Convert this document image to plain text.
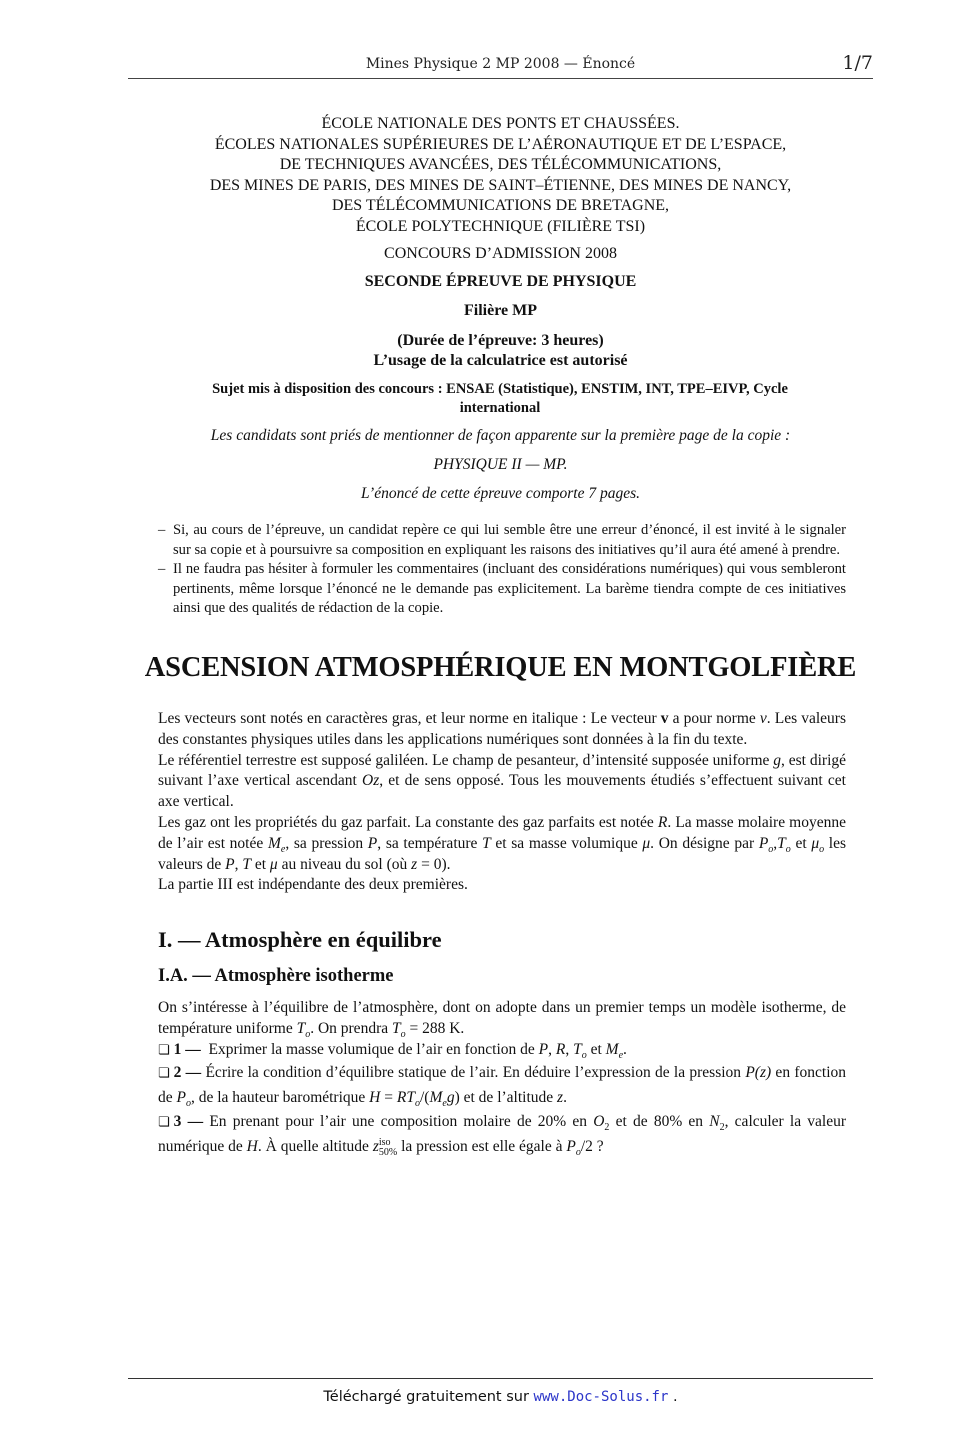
Mines Physique 2 MP 2008 — Énoncé	1/7
ÉCOLE NATIONALE DES PONTS ET CHAUSSÉES.
ÉCOLES NATIONALES SUPÉRIEURES DE L’AÉRONAUTIQUE ET DE L’ESPACE,
DE TECHNIQUES AVANCÉES, DES TÉLÉCOMMUNICATIONS,
DES MINES DE PARIS, DES MINES DE SAINT–ÉTIENNE, DES MINES DE NANCY,
DES TÉLÉCOMMUNICATIONS DE BRETAGNE,
ÉCOLE POLYTECHNIQUE (FILIÈRE TSI)
CONCOURS D’ADMISSION 2008
SECONDE ÉPREUVE DE PHYSIQUE
Filière MP
(Durée de l’épreuve: 3 heures)
L’usage de la calculatrice est autorisé
Sujet mis à disposition des concours : ENSAE (Statistique), ENSTIM, INT, TPE–EIVP, Cycle international
Les candidats sont priés de mentionner de façon apparente sur la première page de la copie :
PHYSIQUE II — MP.
L’énoncé de cette épreuve comporte 7 pages.
– Si, au cours de l’épreuve, un candidat repère ce qui lui semble être une erreur d’énoncé, il est invité à le signaler sur sa copie et à poursuivre sa composition en expliquant les raisons des initiatives qu’il aura été amené à prendre.
– Il ne faudra pas hésiter à formuler les commentaires (incluant des considérations numériques) qui vous sembleront pertinents, même lorsque l’énoncé ne le demande pas explicitement. La barème tiendra compte de ces initiatives ainsi que des qualités de rédaction de la copie.
ASCENSION ATMOSPHÉRIQUE EN MONTGOLFIÈRE

Les vecteurs sont notés en caractères gras, et leur norme en italique : Le vecteur v a pour norme v. Les valeurs des constantes physiques utiles dans les applications numériques sont données à la fin du texte.

Le référentiel terrestre est supposé galiléen. Le champ de pesanteur, d’intensité supposée uniforme g, est dirigé suivant l’axe vertical ascendant Oz, et de sens opposé. Tous les mouvements étudiés s’effectuent suivant cet axe vertical.

Les gaz ont les propriétés du gaz parfait. La constante des gaz parfaits est notée R. La masse molaire moyenne de l’air est notée $M_e$, sa pression P, sa température T et sa masse volumique μ. On désigne par $P_o,T_o$ et $\mu_o$ les valeurs de P, T et μ au niveau du sol (où z = 0).

La partie III est indépendante des deux premières.

I. — Atmosphère en équilibre
I.A. — Atmosphère isotherme

On s’intéresse à l’équilibre de l’atmosphère, dont on adopte dans un premier temps un modèle isotherme, de température uniforme $T_o$. On prendra $T_o = 288$ K.

❏ 1 — Exprimer la masse volumique de l’air en fonction de P, R, $T_o$ et $M_e$.

❏ 2 — Écrire la condition d’équilibre statique de l’air. En déduire l’expression de la pression P(z) en fonction de $P_o$, de la hauteur barométrique $H = RT_o/(M_eg)$ et de l’altitude z.

❏ 3 — En prenant pour l’air une composition molaire de 20% en $O_2$ et de 80% en $N_2$, calculer la valeur numérique de H. À quelle altitude z iso
50% la pression est elle égale à $P_o/2$ ?

Téléchargé gratuitement sur www.Doc-Solus.fr .
